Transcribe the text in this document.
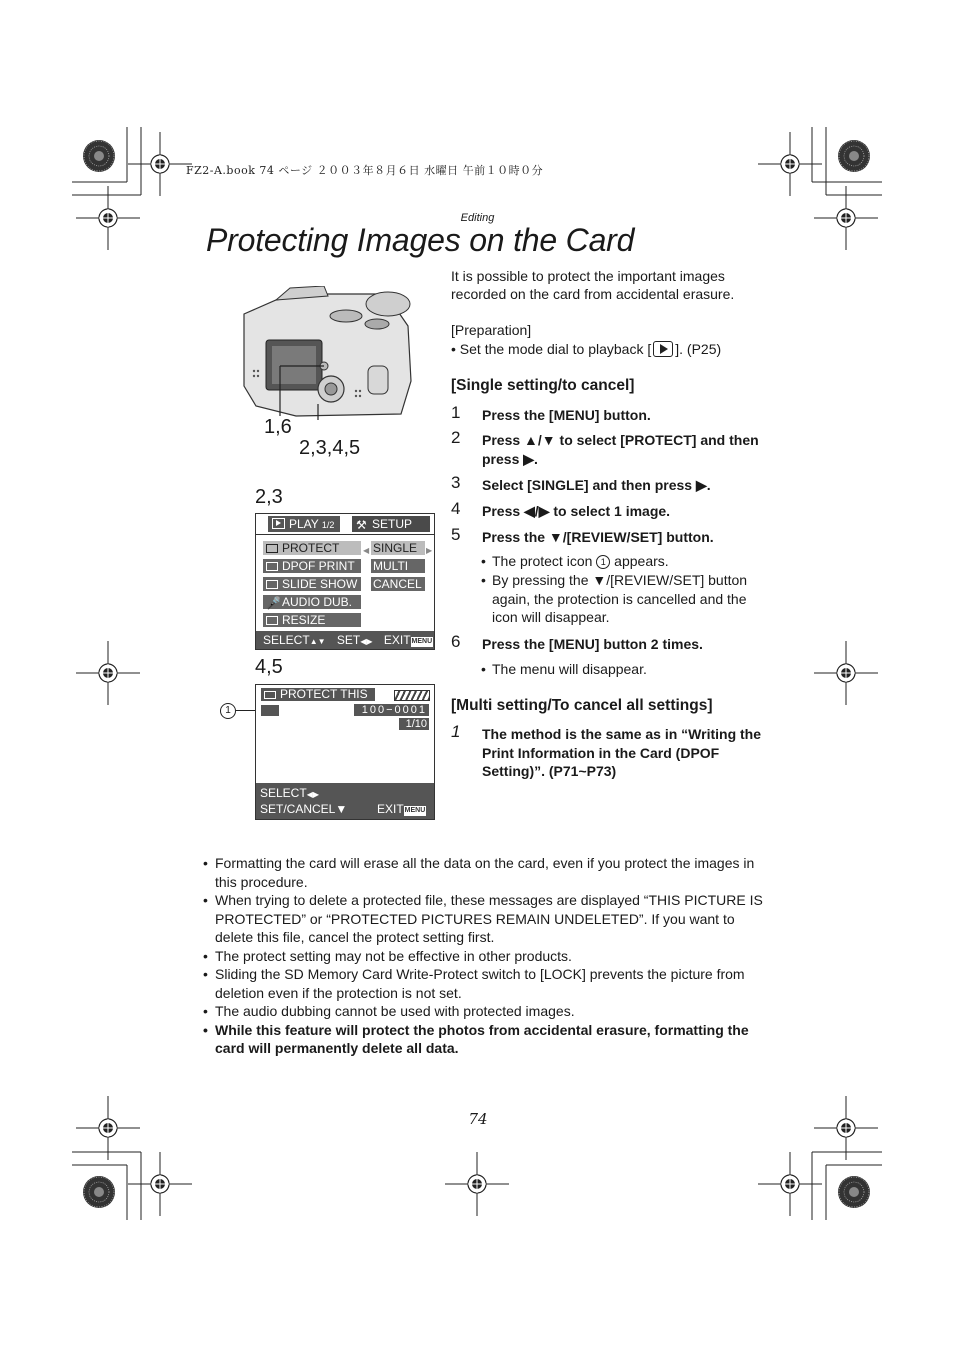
FZ2-A.book 74 ページ ２００３年８月６日 水曜日 午前１０時０分
Editing
Protecting Images on the Card
1,6
2,3,4,5
2,3
PLAY 1/2	⚒ SETUP
PROTECT
DPOF PRINT
SLIDE SHOW
🎤AUDIO DUB.
RESIZE
◀	▶
SINGLE
MULTI
CANCEL
SELECT▲▼ SET◀▶ EXITMENU
4,5
1
PROTECT THIS
100−0001
1/10
SELECT◀▶
SET/CANCEL▼ EXITMENU
It is possible to protect the important images recorded on the card from accidental erasure.
[Preparation]
• Set the mode dial to playback [ ]. (P25)
[Single setting/to cancel]
1 Press the [MENU] button.
2 Press ▲/▼ to select [PROTECT] and then press ▶.
3 Select [SINGLE] and then press ▶.
4 Press ◀/▶ to select 1 image.
5 Press the ▼/[REVIEW/SET] button.
• The protect icon 1 appears.
• By pressing the ▼/[REVIEW/SET] button again, the protection is cancelled and the icon will disappear.
6 Press the [MENU] button 2 times.
• The menu will disappear.
[Multi setting/To cancel all settings]
1 The method is the same as in “Writing the Print Information in the Card (DPOF Setting)”. (P71~P73)
• Formatting the card will erase all the data on the card, even if you protect the images in this procedure.
• When trying to delete a protected file, these messages are displayed “THIS PICTURE IS PROTECTED” or “PROTECTED PICTURES REMAIN UNDELETED”. If you want to delete this file, cancel the protect setting first.
• The protect setting may not be effective in other products.
• Sliding the SD Memory Card Write-Protect switch to [LOCK] prevents the picture from deletion even if the protection is not set.
• The audio dubbing cannot be used with protected images.
• While this feature will protect the photos from accidental erasure, formatting the card will permanently delete all data.
74
